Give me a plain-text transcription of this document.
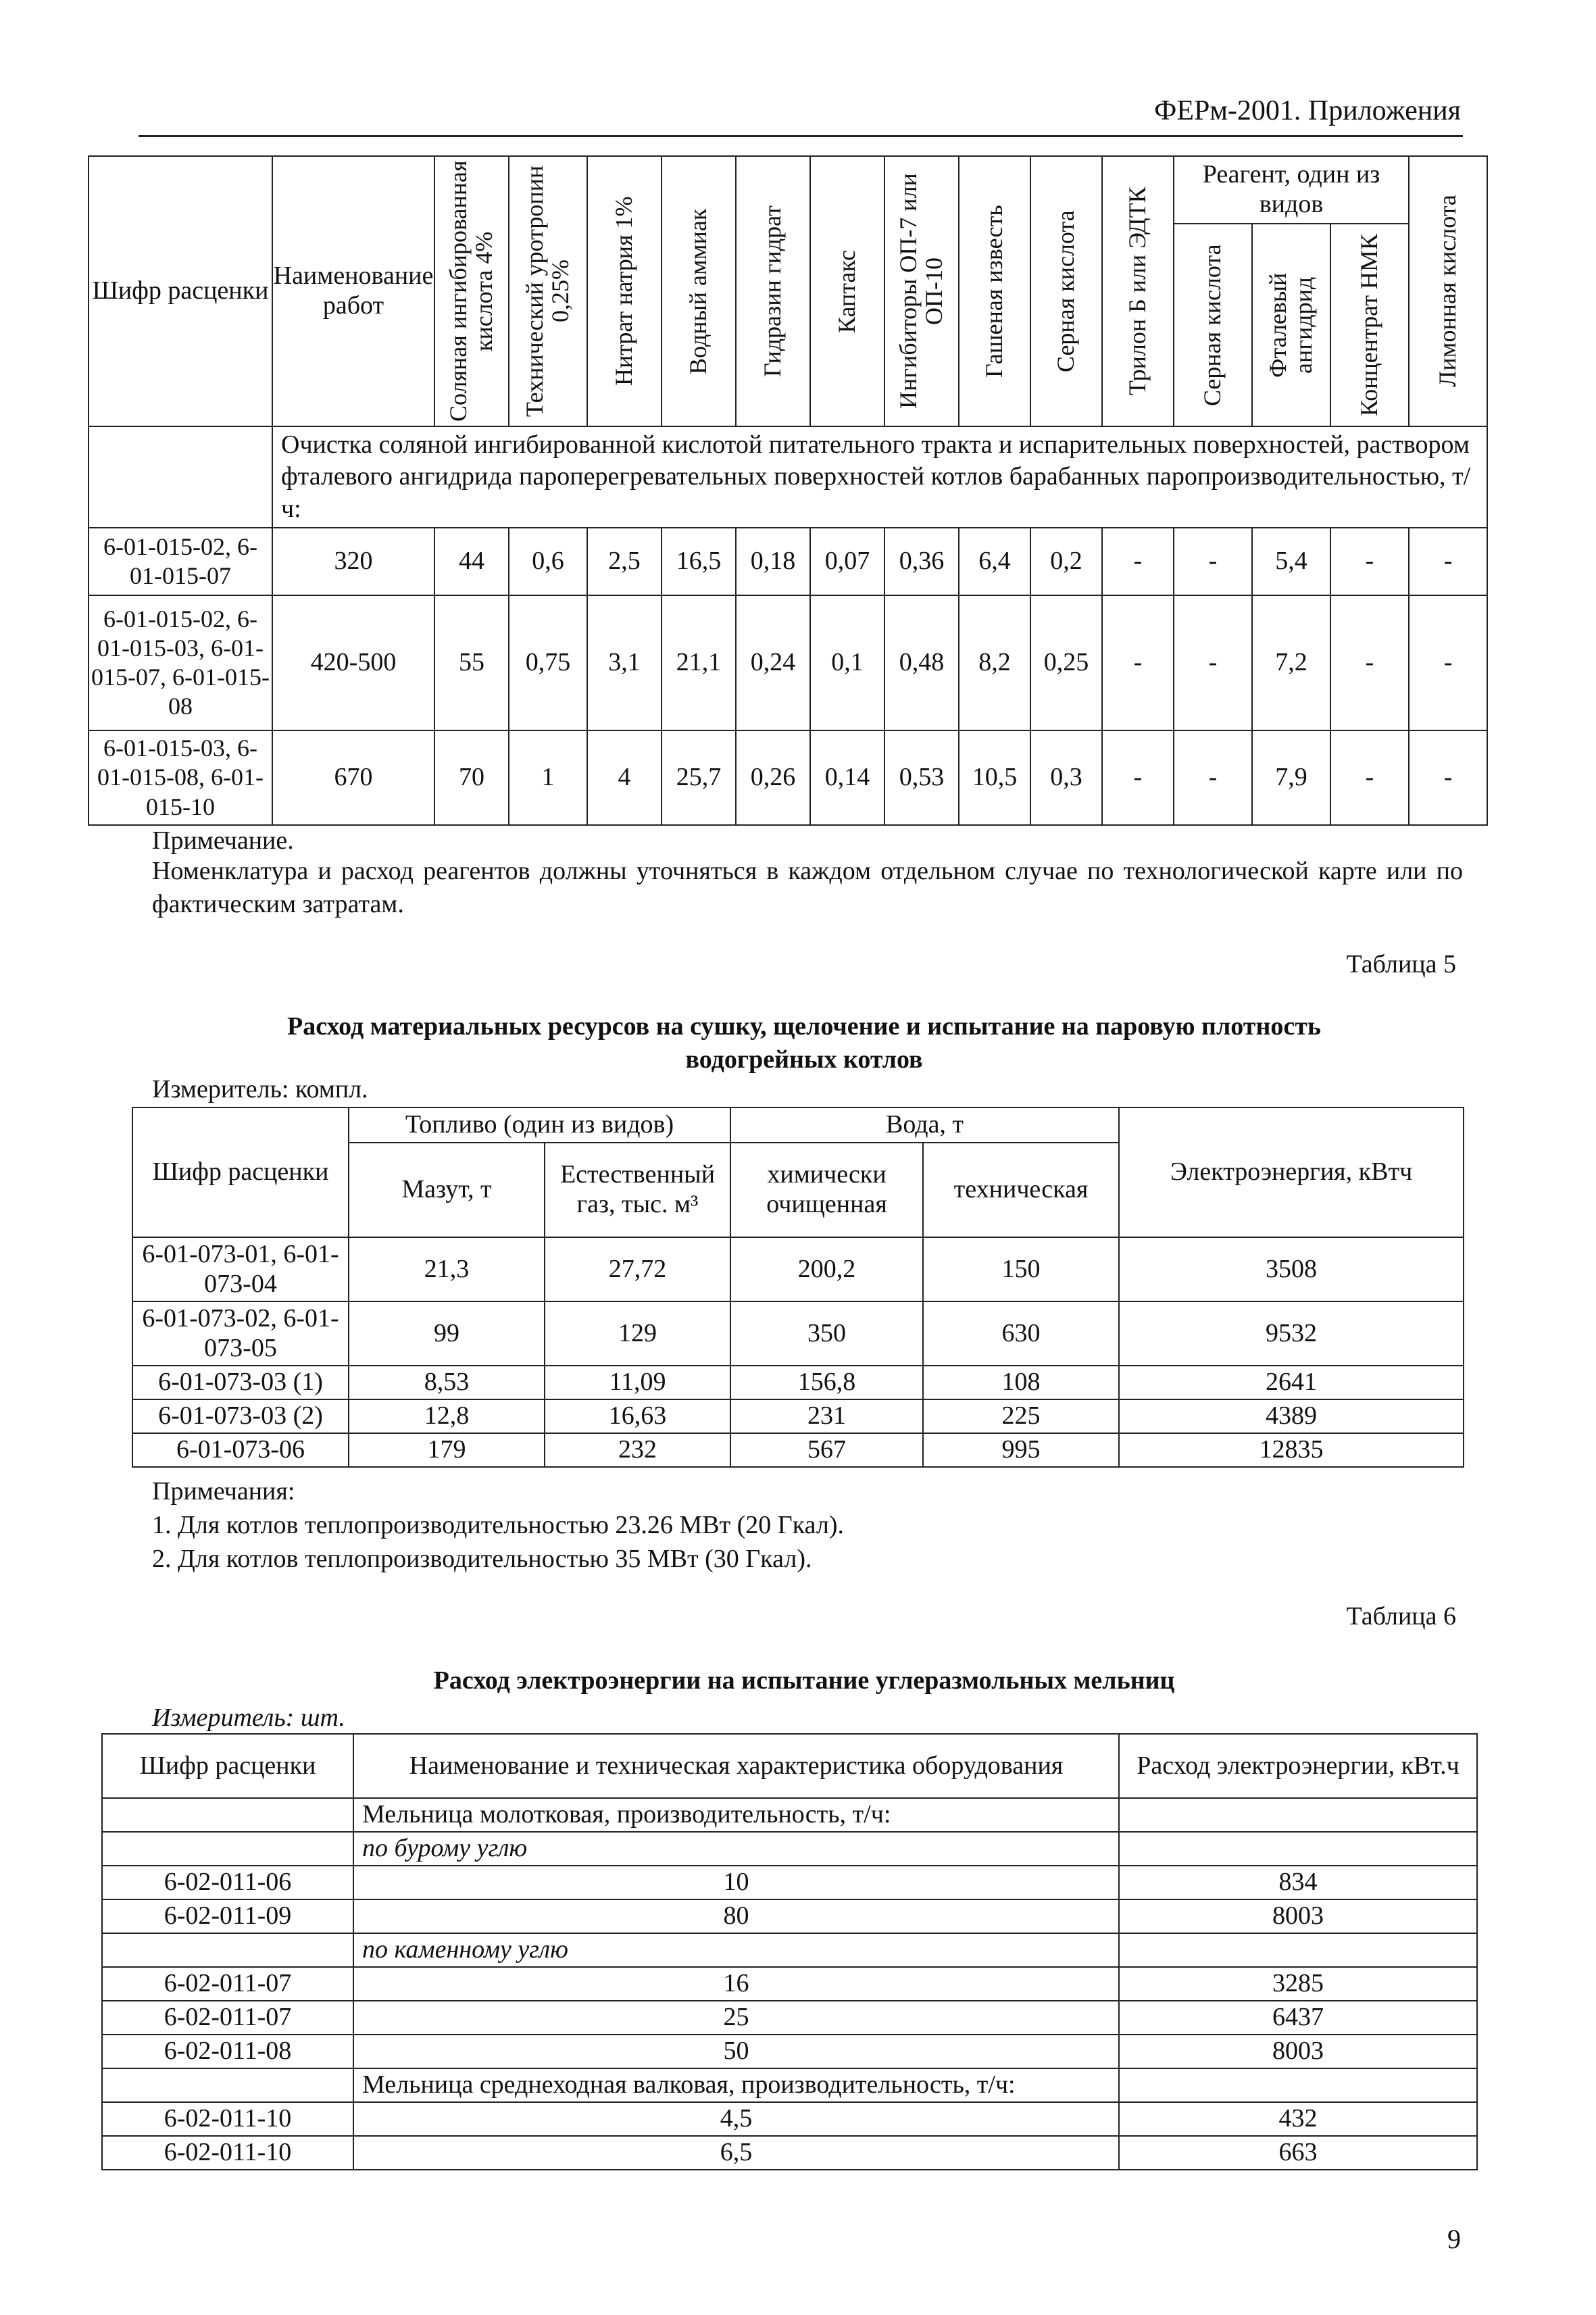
ФЕРм-2001. Приложения
Шифр расценки	Наименование работ	Соляная ингибированная кислота 4%	Технический уротропин 0,25%	Нитрат натрия 1%	Водный аммиак	Гидразин гидрат	Каптакс	Ингибиторы ОП-7 или ОП-10	Гашеная известь	Серная кислота	Трилон Б или ЭДТК	Реагент, один из видов			Лимонная кислота

												Серная кислота	Фталевый ангидрид	Концентрат НМК	

	Очистка соляной ингибированной кислотой питательного тракта и испарительных поверхностей, раствором фталевого ангидрида пароперегревательных поверхностей котлов барабанных паропроизводительностью, т/ч:														
6-01-015-02, 6-01-015-07	320	44	0,6	2,5	16,5	0,18	0,07	0,36	6,4	0,2	-	-	5,4	-	-
6-01-015-02, 6-01-015-03, 6-01-015-07, 6-01-015-08	420-500	55	0,75	3,1	21,1	0,24	0,1	0,48	8,2	0,25	-	-	7,2	-	-
6-01-015-03, 6-01-015-08, 6-01-015-10	670	70	1	4	25,7	0,26	0,14	0,53	10,5	0,3	-	-	7,9	-	-
Примечание.
Номенклатура и расход реагентов должны уточняться в каждом отдельном случае по технологической карте или по фактическим затратам.
Таблица 5
Расход материальных ресурсов на сушку, щелочение и испытание на паровую плотность водогрейных котлов
Измеритель: компл.
Шифр расценки	Топливо (один из видов)		Вода, т		Электроэнергия, кВтч
	Мазут, т	Естественный газ, тыс. м³	химически очищенная	техническая	
6-01-073-01, 6-01-073-04	21,3	27,72	200,2	150	3508
6-01-073-02, 6-01-073-05	99	129	350	630	9532
6-01-073-03 (1)	8,53	11,09	156,8	108	2641
6-01-073-03 (2)	12,8	16,63	231	225	4389
6-01-073-06	179	232	567	995	12835
Примечания:
1. Для котлов теплопроизводительностью 23.26 МВт (20 Гкал).
2. Для котлов теплопроизводительностью 35 МВт (30 Гкал).
Таблица 6
Расход электроэнергии на испытание углеразмольных мельниц
Измеритель: шт.
Шифр расценки	Наименование и техническая характеристика оборудования	Расход электроэнергии, кВт.ч
	Мельница молотковая, производительность, т/ч:	
	по бурому углю	
6-02-011-06	10	834
6-02-011-09	80	8003
	по каменному углю	
6-02-011-07	16	3285
6-02-011-07	25	6437
6-02-011-08	50	8003
	Мельница среднеходная валковая, производительность, т/ч:	
6-02-011-10	4,5	432
6-02-011-10	6,5	663
9
